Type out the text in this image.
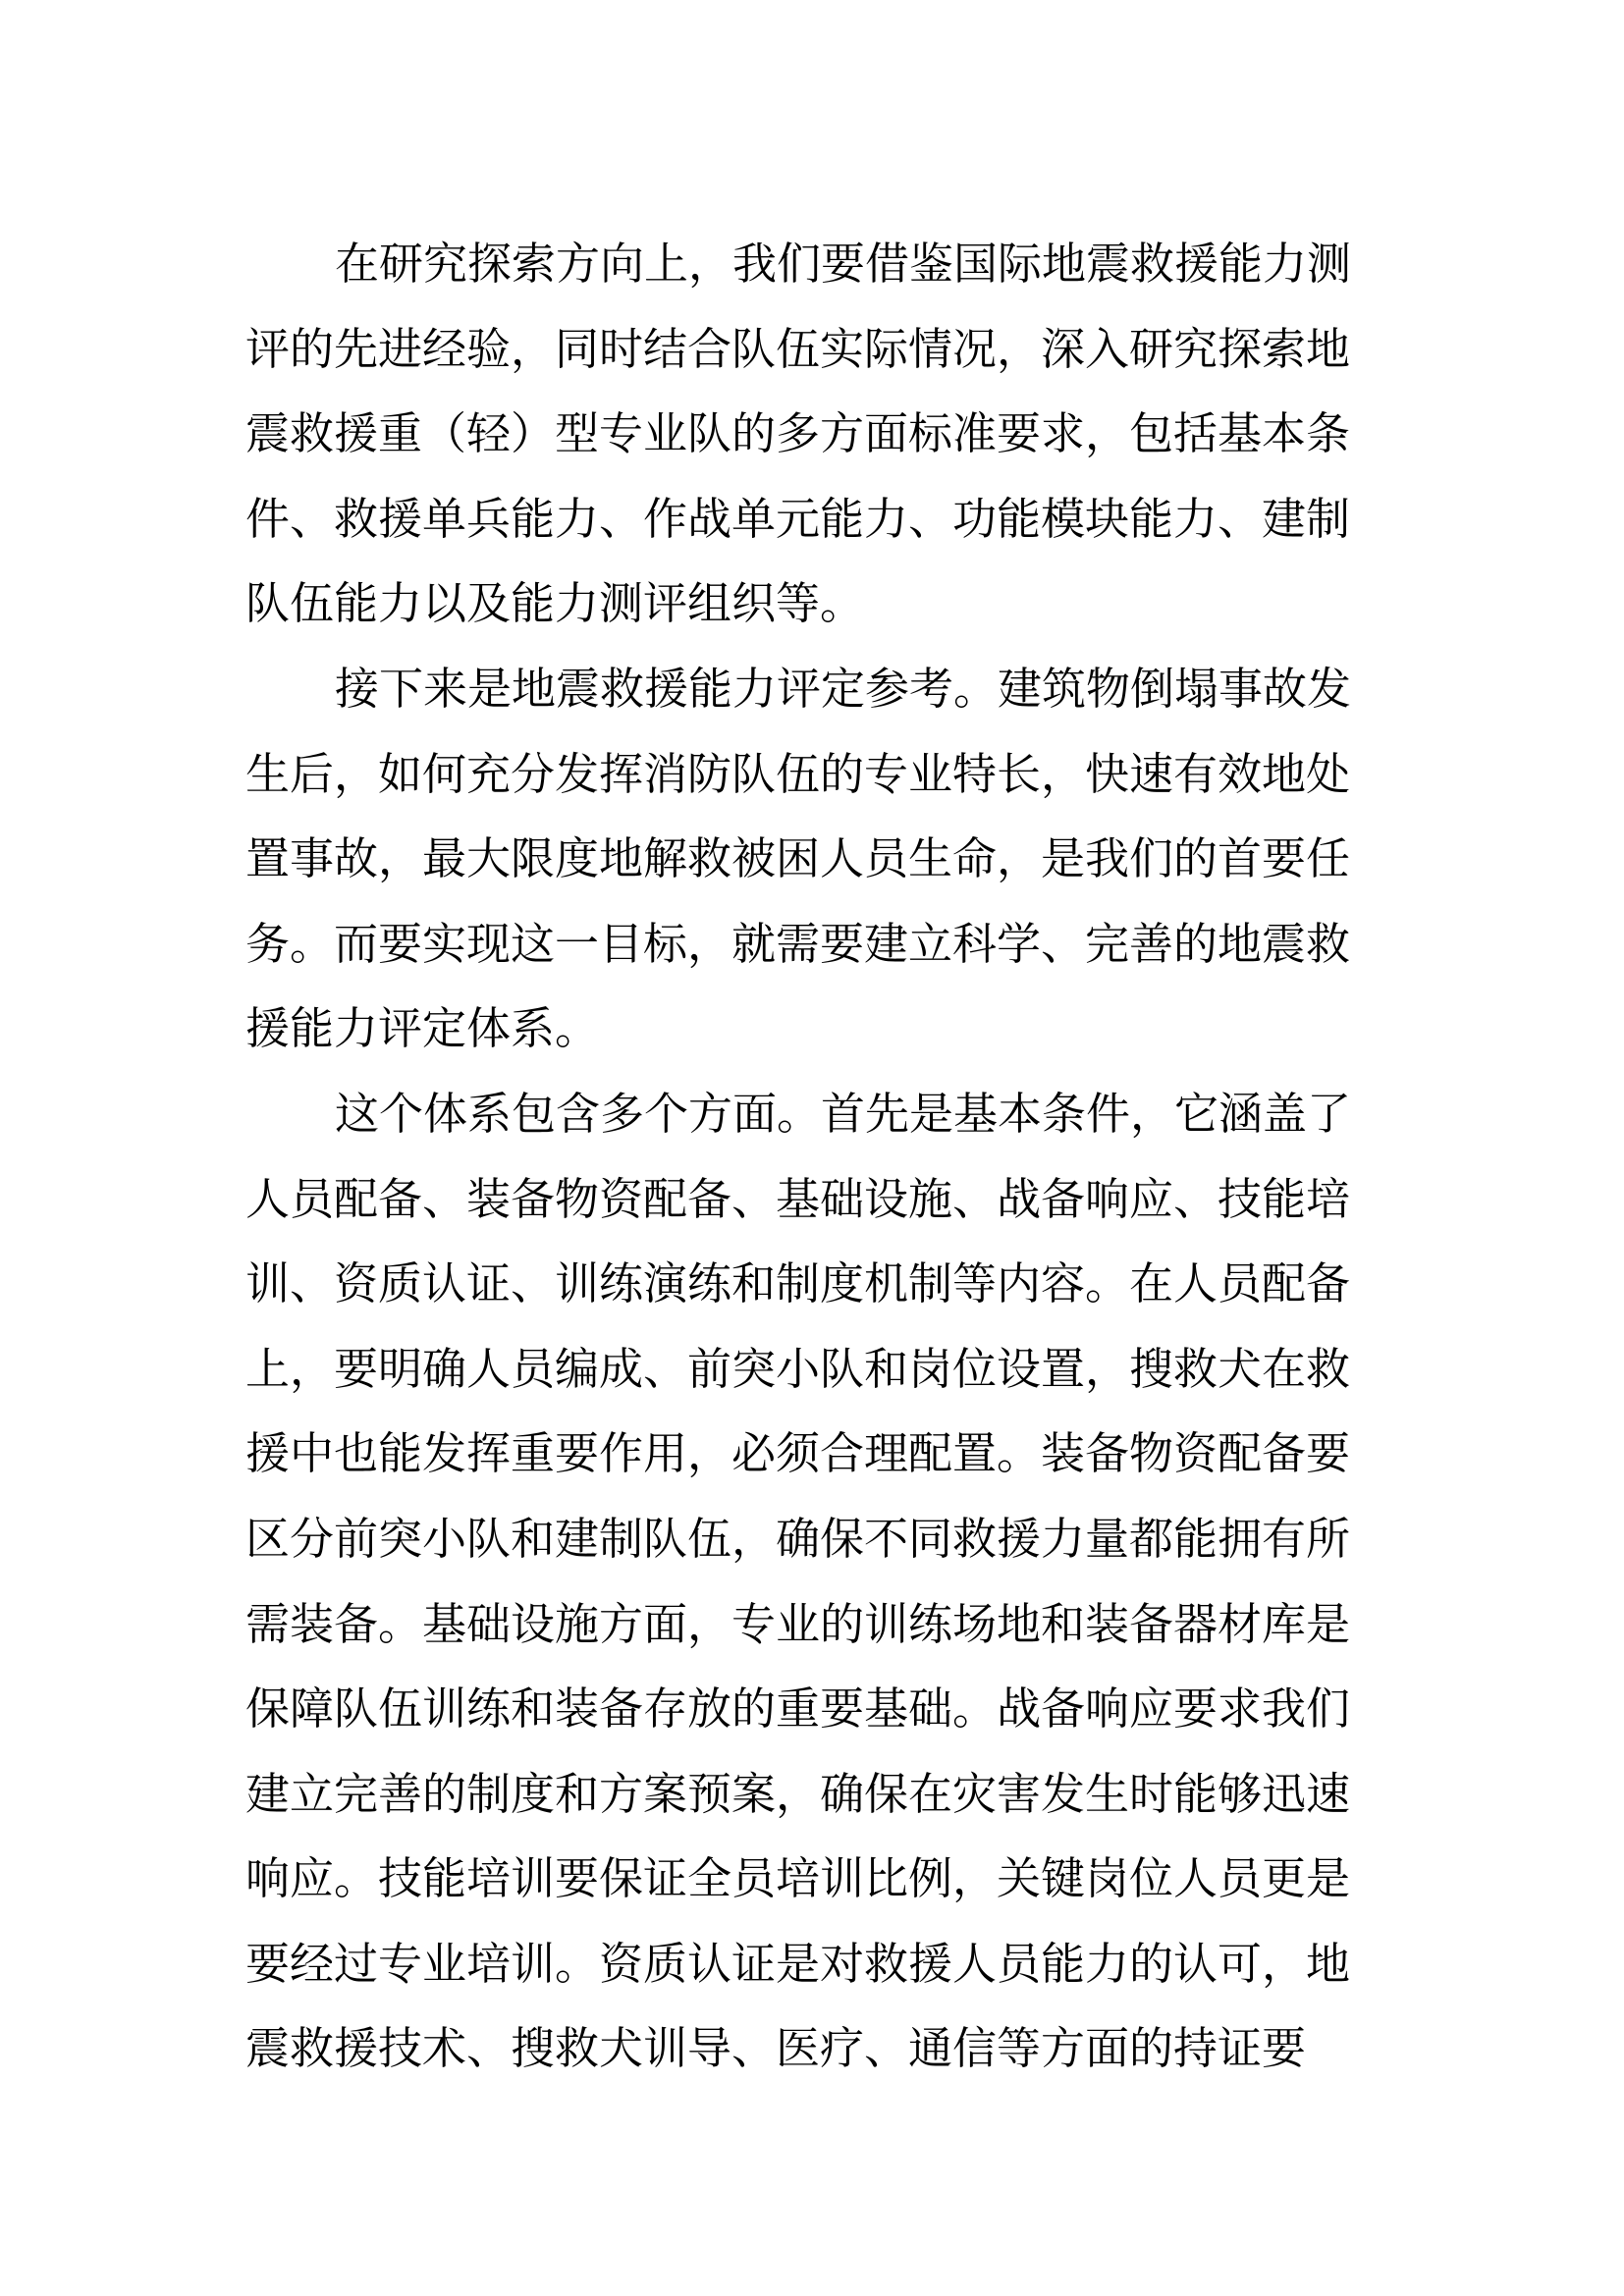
在研究探索方向上，我们要借鉴国际地震救援能力测
评的先进经验，同时结合队伍实际情况，深入研究探索地
震救援重（轻）型专业队的多方面标准要求，包括基本条
件、救援单兵能力、作战单元能力、功能模块能力、建制
队伍能力以及能力测评组织等。
接下来是地震救援能力评定参考。建筑物倒塌事故发
生后，如何充分发挥消防队伍的专业特长，快速有效地处
置事故，最大限度地解救被困人员生命，是我们的首要任
务。而要实现这一目标，就需要建立科学、完善的地震救
援能力评定体系。
这个体系包含多个方面。首先是基本条件，它涵盖了
人员配备、装备物资配备、基础设施、战备响应、技能培
训、资质认证、训练演练和制度机制等内容。在人员配备
上，要明确人员编成、前突小队和岗位设置，搜救犬在救
援中也能发挥重要作用，必须合理配置。装备物资配备要
区分前突小队和建制队伍，确保不同救援力量都能拥有所
需装备。基础设施方面，专业的训练场地和装备器材库是
保障队伍训练和装备存放的重要基础。战备响应要求我们
建立完善的制度和方案预案，确保在灾害发生时能够迅速
响应。技能培训要保证全员培训比例，关键岗位人员更是
要经过专业培训。资质认证是对救援人员能力的认可，地
震救援技术、搜救犬训导、医疗、通信等方面的持证要
